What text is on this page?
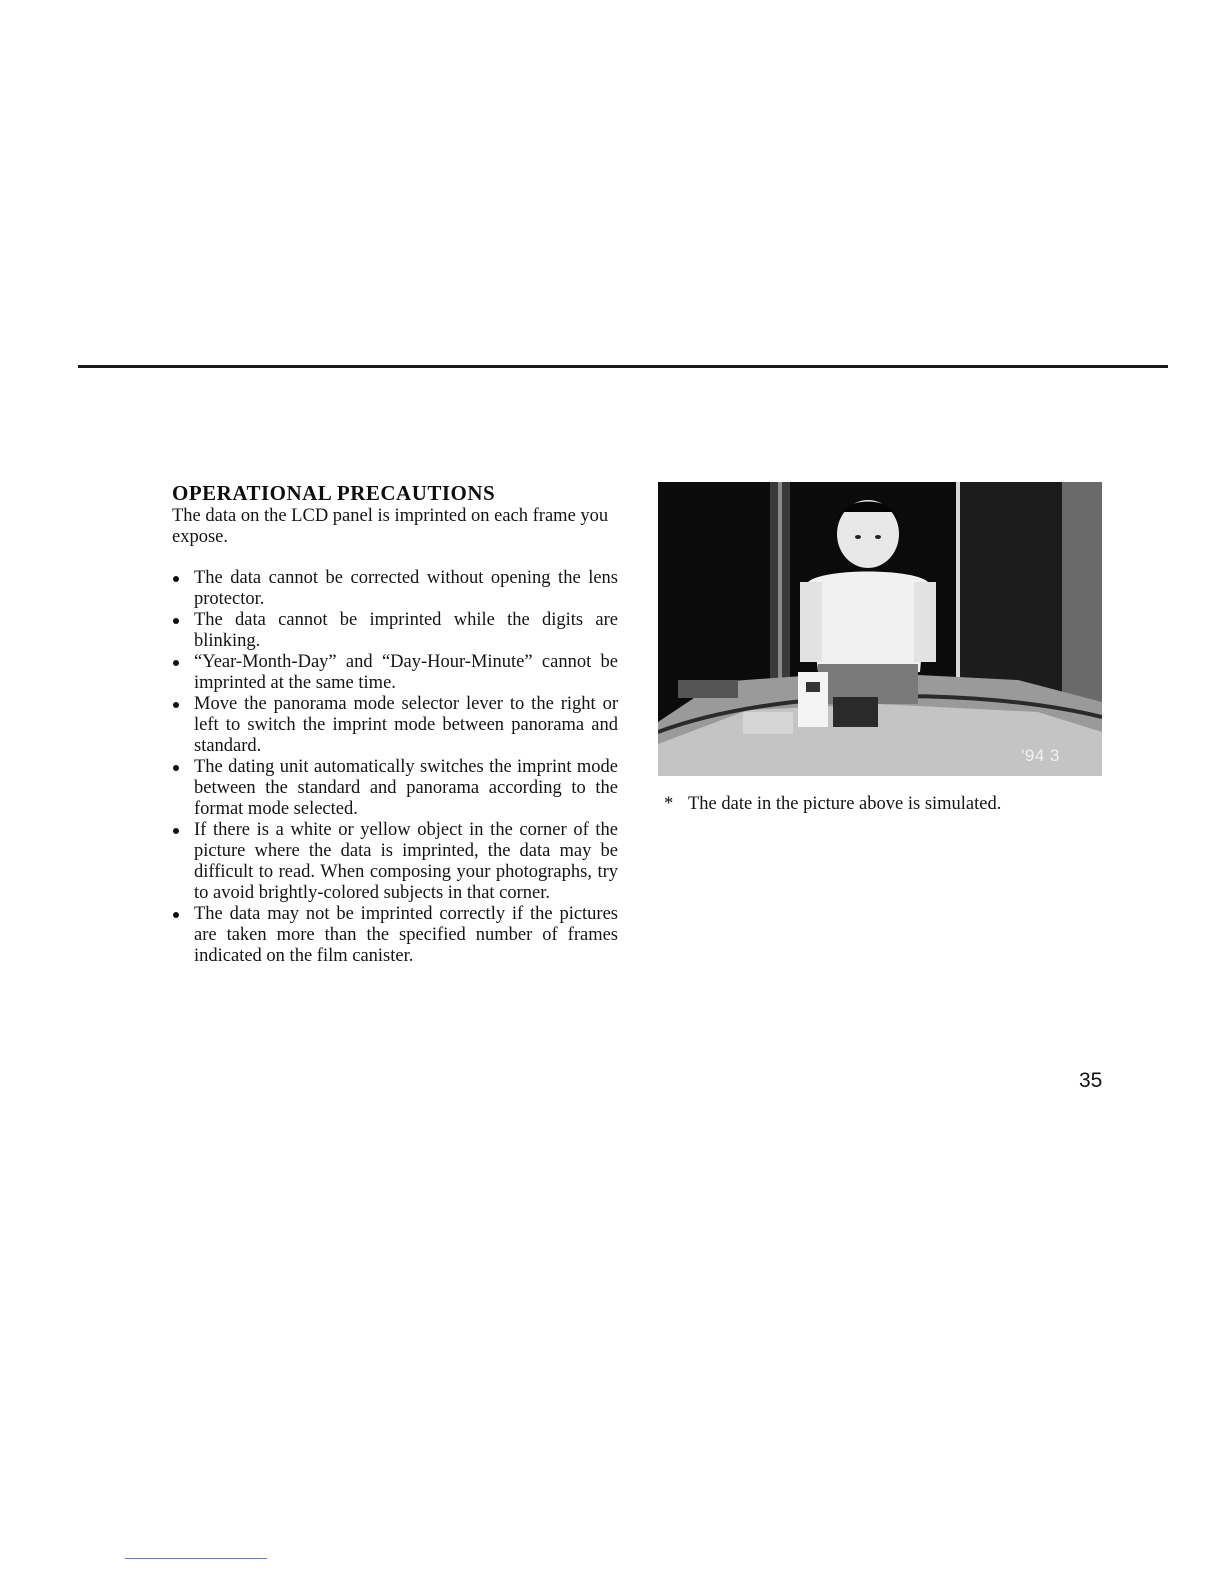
OPERATIONAL PRECAUTIONS

The data on the LCD panel is imprinted on each frame you expose.

The data cannot be corrected without opening the lens protector.
The data cannot be imprinted while the digits are blinking.
“Year-Month-Day” and “Day-Hour-Minute” cannot be imprinted at the same time.
Move the panorama mode selector lever to the right or left to switch the imprint mode between panorama and standard.
The dating unit automatically switches the imprint mode between the standard and panorama according to the format mode selected.
If there is a white or yellow object in the corner of the picture where the data is imprinted, the data may be difficult to read. When composing your photographs, try to avoid brightly-colored subjects in that corner.
The data may not be imprinted correctly if the pictures are taken more than the specified number of frames indicated on the film canister.
'94 3
* The date in the picture above is simulated.
35
